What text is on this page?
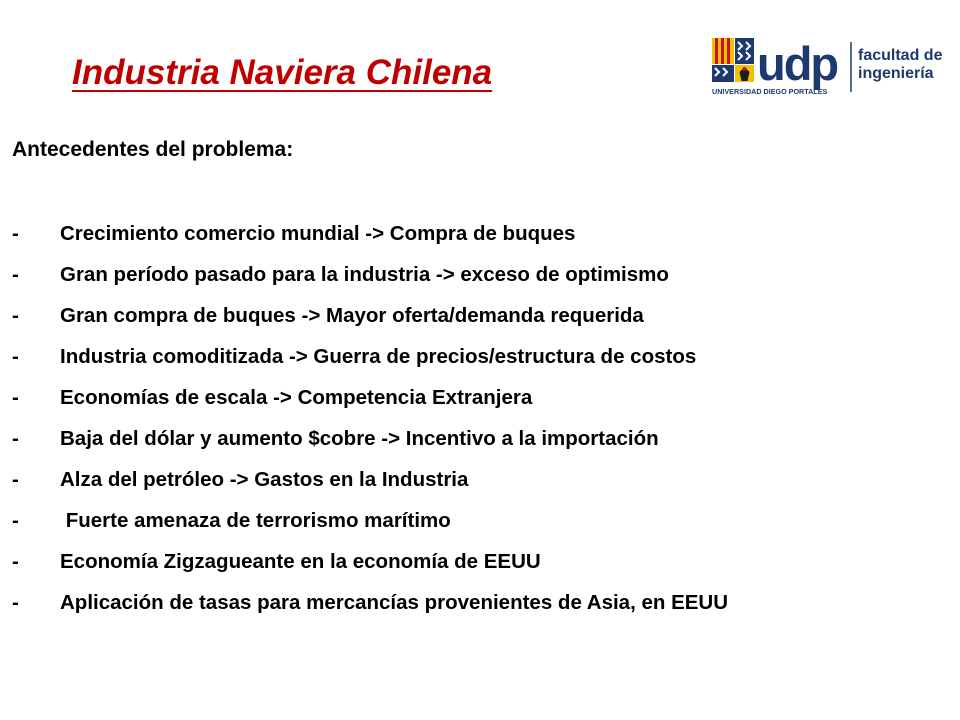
Industria Naviera Chilena	udp
UNIVERSIDAD DIEGO PORTALES
facultad de
ingeniería

Antecedentes del problema:

- Crecimiento comercio mundial -> Compra de buques
- Gran período pasado para la industria -> exceso de optimismo
- Gran compra de buques -> Mayor oferta/demanda requerida
- Industria comoditizada -> Guerra de precios/estructura de costos
- Economías de escala -> Competencia Extranjera
- Baja del dólar y aumento $cobre -> Incentivo a la importación
- Alza del petróleo -> Gastos en la Industria
- Fuerte amenaza de terrorismo marítimo
- Economía Zigzagueante en la economía de EEUU
- Aplicación de tasas para mercancías provenientes de Asia, en EEUU
